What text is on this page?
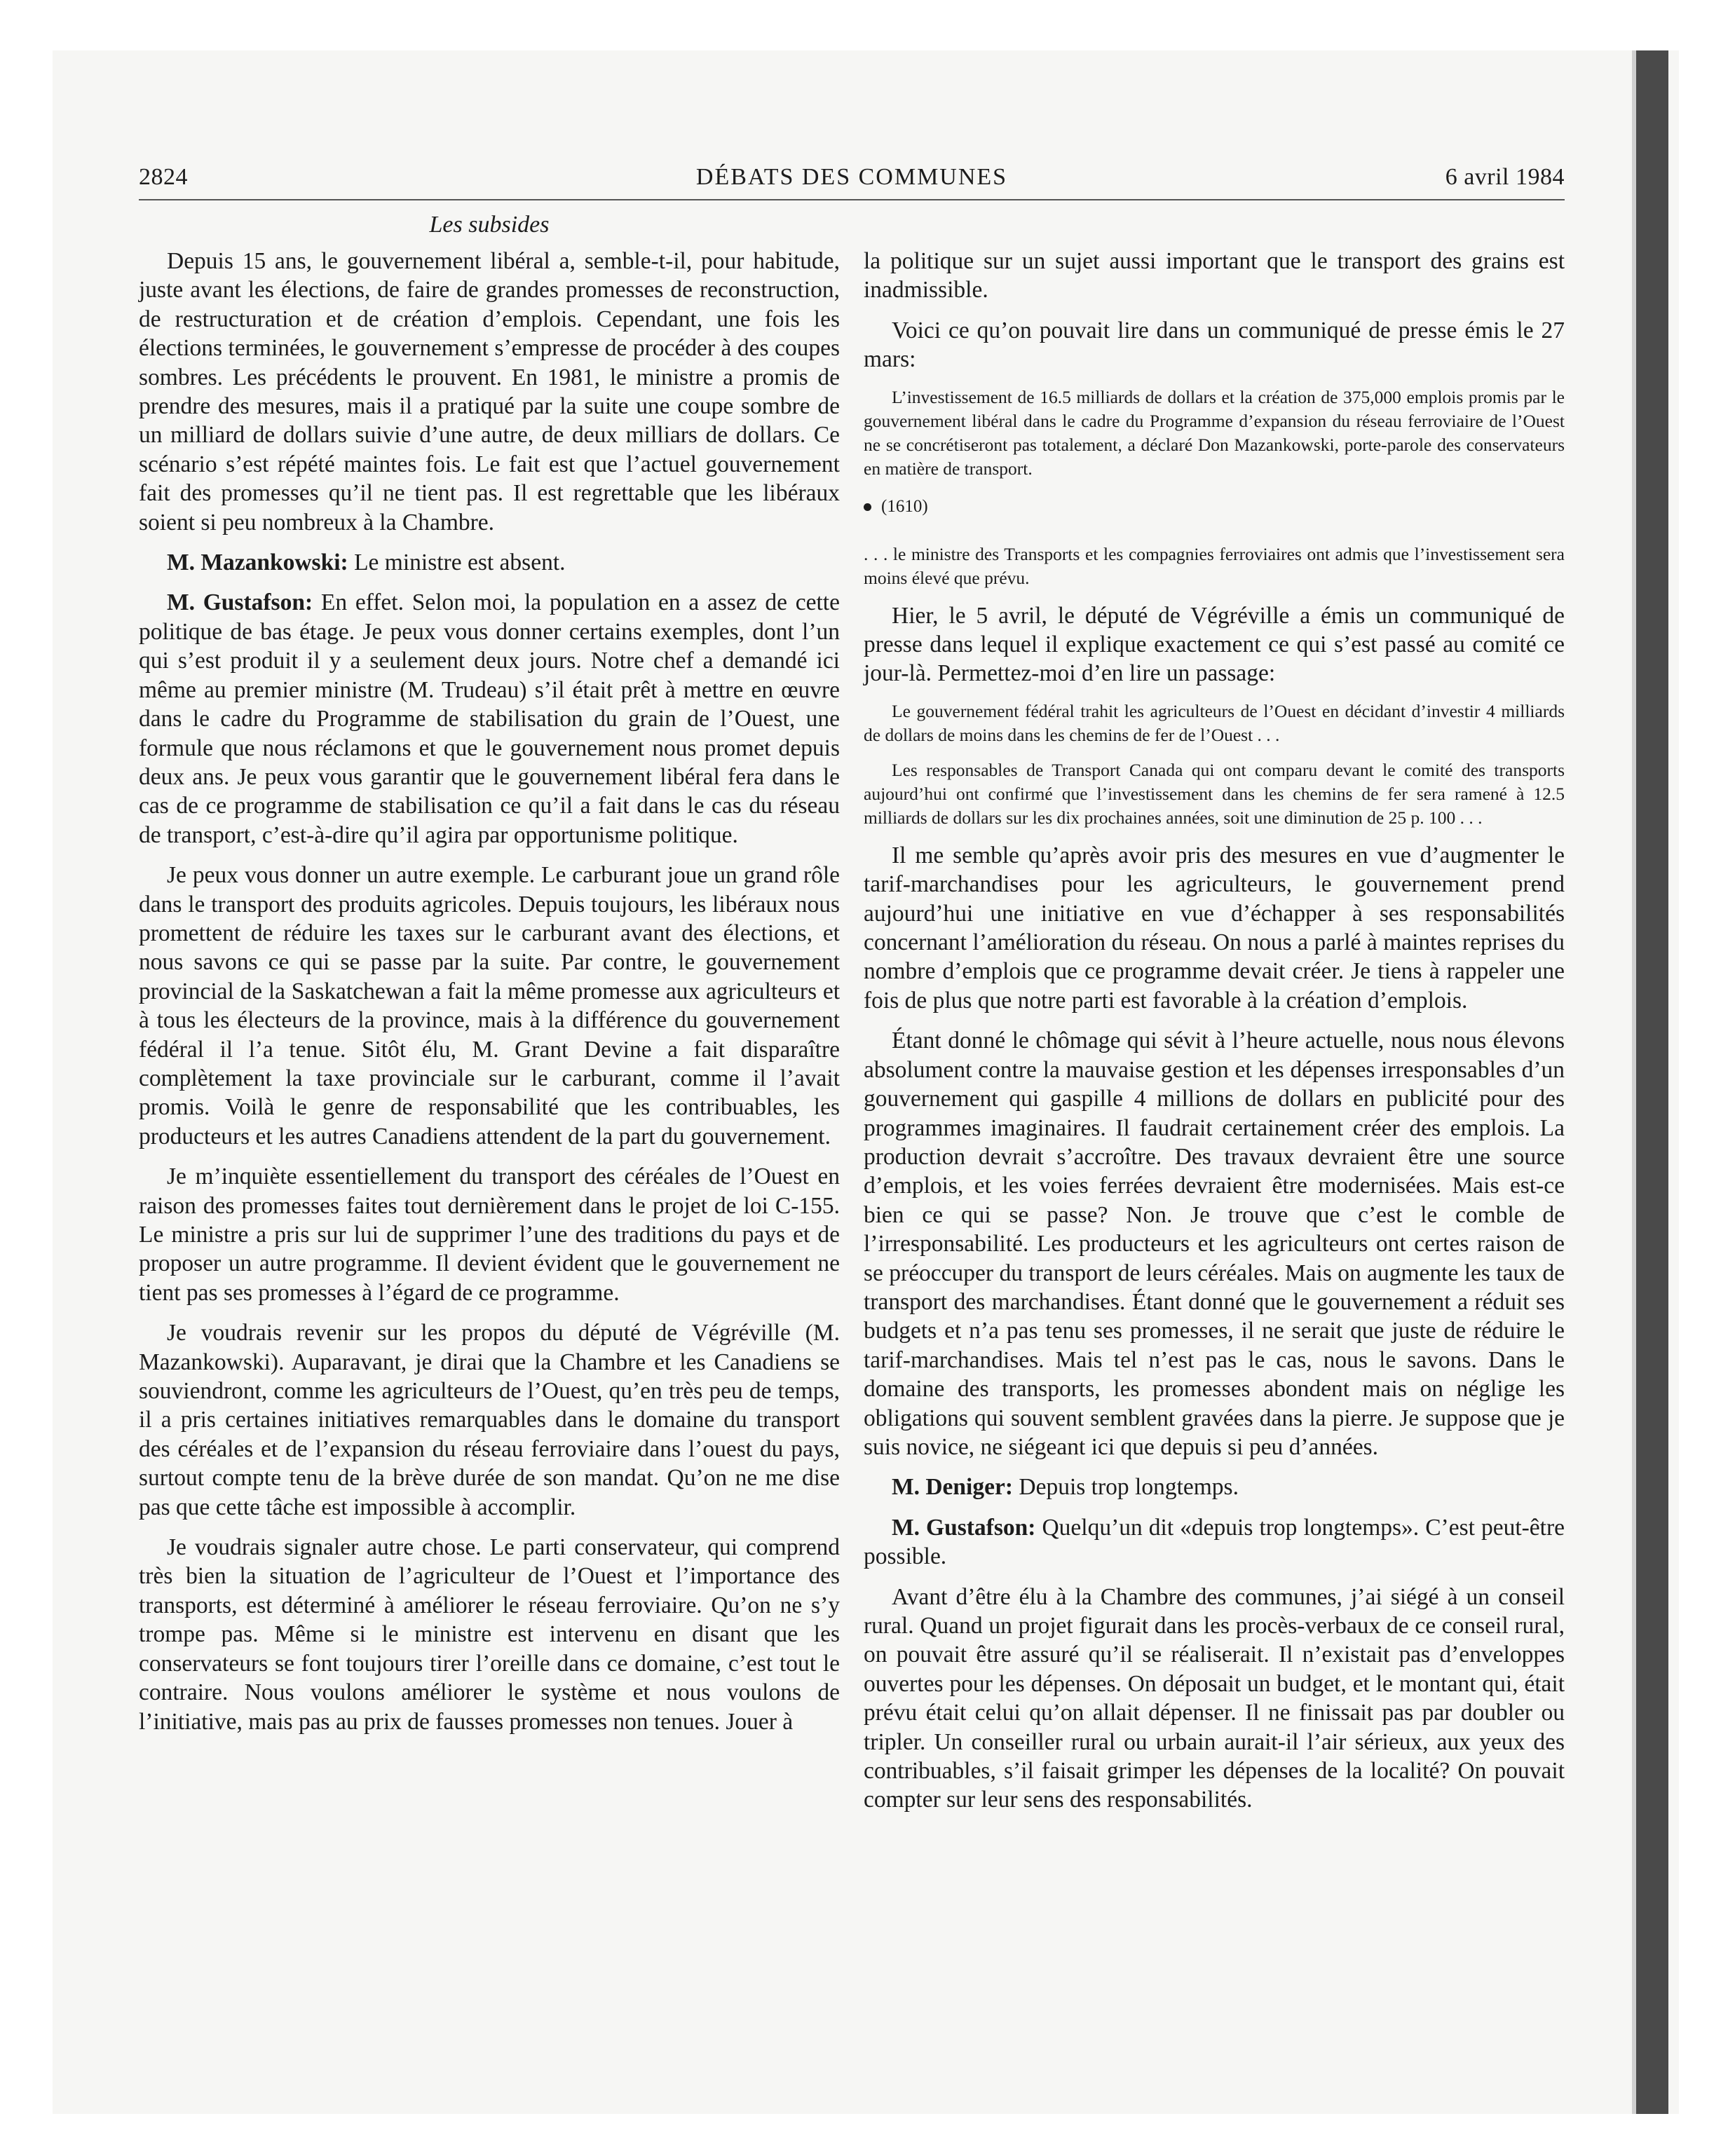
2824	DÉBATS DES COMMUNES	6 avril 1984
Les subsides

Depuis 15 ans, le gouvernement libéral a, semble-t-il, pour habitude, juste avant les élections, de faire de grandes promesses de reconstruction, de restructuration et de création d’emplois. Cependant, une fois les élections terminées, le gouvernement s’empresse de procéder à des coupes sombres. Les précédents le prouvent. En 1981, le ministre a promis de prendre des mesures, mais il a pratiqué par la suite une coupe sombre de un milliard de dollars suivie d’une autre, de deux milliars de dollars. Ce scénario s’est répété maintes fois. Le fait est que l’actuel gouvernement fait des promesses qu’il ne tient pas. Il est regrettable que les libéraux soient si peu nombreux à la Chambre.

M. Mazankowski: Le ministre est absent.

M. Gustafson: En effet. Selon moi, la population en a assez de cette politique de bas étage. Je peux vous donner certains exemples, dont l’un qui s’est produit il y a seulement deux jours. Notre chef a demandé ici même au premier ministre (M. Trudeau) s’il était prêt à mettre en œuvre dans le cadre du Programme de stabilisation du grain de l’Ouest, une formule que nous réclamons et que le gouvernement nous promet depuis deux ans. Je peux vous garantir que le gouvernement libéral fera dans le cas de ce programme de stabilisation ce qu’il a fait dans le cas du réseau de transport, c’est-à-dire qu’il agira par opportunisme politique.

Je peux vous donner un autre exemple. Le carburant joue un grand rôle dans le transport des produits agricoles. Depuis toujours, les libéraux nous promettent de réduire les taxes sur le carburant avant des élections, et nous savons ce qui se passe par la suite. Par contre, le gouvernement provincial de la Saskatchewan a fait la même promesse aux agriculteurs et à tous les électeurs de la province, mais à la différence du gouvernement fédéral il l’a tenue. Sitôt élu, M. Grant Devine a fait disparaître complètement la taxe provinciale sur le carburant, comme il l’avait promis. Voilà le genre de responsabilité que les contribuables, les producteurs et les autres Canadiens attendent de la part du gouvernement.

Je m’inquiète essentiellement du transport des céréales de l’Ouest en raison des promesses faites tout dernièrement dans le projet de loi C-155. Le ministre a pris sur lui de supprimer l’une des traditions du pays et de proposer un autre programme. Il devient évident que le gouvernement ne tient pas ses promesses à l’égard de ce programme.

Je voudrais revenir sur les propos du député de Végréville (M. Mazankowski). Auparavant, je dirai que la Chambre et les Canadiens se souviendront, comme les agriculteurs de l’Ouest, qu’en très peu de temps, il a pris certaines initiatives remarquables dans le domaine du transport des céréales et de l’expansion du réseau ferroviaire dans l’ouest du pays, surtout compte tenu de la brève durée de son mandat. Qu’on ne me dise pas que cette tâche est impossible à accomplir.

Je voudrais signaler autre chose. Le parti conservateur, qui comprend très bien la situation de l’agriculteur de l’Ouest et l’importance des transports, est déterminé à améliorer le réseau ferroviaire. Qu’on ne s’y trompe pas. Même si le ministre est intervenu en disant que les conservateurs se font toujours tirer l’oreille dans ce domaine, c’est tout le contraire. Nous voulons améliorer le système et nous voulons de l’initiative, mais pas au prix de fausses promesses non tenues. Jouer à

la politique sur un sujet aussi important que le transport des grains est inadmissible.

Voici ce qu’on pouvait lire dans un communiqué de presse émis le 27 mars:

L’investissement de 16.5 milliards de dollars et la création de 375,000 emplois promis par le gouvernement libéral dans le cadre du Programme d’expansion du réseau ferroviaire de l’Ouest ne se concrétiseront pas totalement, a déclaré Don Mazankowski, porte-parole des conservateurs en matière de transport.

(1610)

. . . le ministre des Transports et les compagnies ferroviaires ont admis que l’investissement sera moins élevé que prévu.

Hier, le 5 avril, le député de Végréville a émis un communiqué de presse dans lequel il explique exactement ce qui s’est passé au comité ce jour-là. Permettez-moi d’en lire un passage:

Le gouvernement fédéral trahit les agriculteurs de l’Ouest en décidant d’investir 4 milliards de dollars de moins dans les chemins de fer de l’Ouest . . .

Les responsables de Transport Canada qui ont comparu devant le comité des transports aujourd’hui ont confirmé que l’investissement dans les chemins de fer sera ramené à 12.5 milliards de dollars sur les dix prochaines années, soit une diminution de 25 p. 100 . . .

Il me semble qu’après avoir pris des mesures en vue d’augmenter le tarif-marchandises pour les agriculteurs, le gouvernement prend aujourd’hui une initiative en vue d’échapper à ses responsabilités concernant l’amélioration du réseau. On nous a parlé à maintes reprises du nombre d’emplois que ce programme devait créer. Je tiens à rappeler une fois de plus que notre parti est favorable à la création d’emplois.

Étant donné le chômage qui sévit à l’heure actuelle, nous nous élevons absolument contre la mauvaise gestion et les dépenses irresponsables d’un gouvernement qui gaspille 4 millions de dollars en publicité pour des programmes imaginaires. Il faudrait certainement créer des emplois. La production devrait s’accroître. Des travaux devraient être une source d’emplois, et les voies ferrées devraient être modernisées. Mais est-ce bien ce qui se passe? Non. Je trouve que c’est le comble de l’irresponsabilité. Les producteurs et les agriculteurs ont certes raison de se préoccuper du transport de leurs céréales. Mais on augmente les taux de transport des marchandises. Étant donné que le gouvernement a réduit ses budgets et n’a pas tenu ses promesses, il ne serait que juste de réduire le tarif-marchandises. Mais tel n’est pas le cas, nous le savons. Dans le domaine des transports, les promesses abondent mais on néglige les obligations qui souvent semblent gravées dans la pierre. Je suppose que je suis novice, ne siégeant ici que depuis si peu d’années.

M. Deniger: Depuis trop longtemps.

M. Gustafson: Quelqu’un dit «depuis trop longtemps». C’est peut-être possible.

Avant d’être élu à la Chambre des communes, j’ai siégé à un conseil rural. Quand un projet figurait dans les procès-verbaux de ce conseil rural, on pouvait être assuré qu’il se réaliserait. Il n’existait pas d’enveloppes ouvertes pour les dépenses. On déposait un budget, et le montant qui, était prévu était celui qu’on allait dépenser. Il ne finissait pas par doubler ou tripler. Un conseiller rural ou urbain aurait-il l’air sérieux, aux yeux des contribuables, s’il faisait grimper les dépenses de la localité? On pouvait compter sur leur sens des responsabilités.
